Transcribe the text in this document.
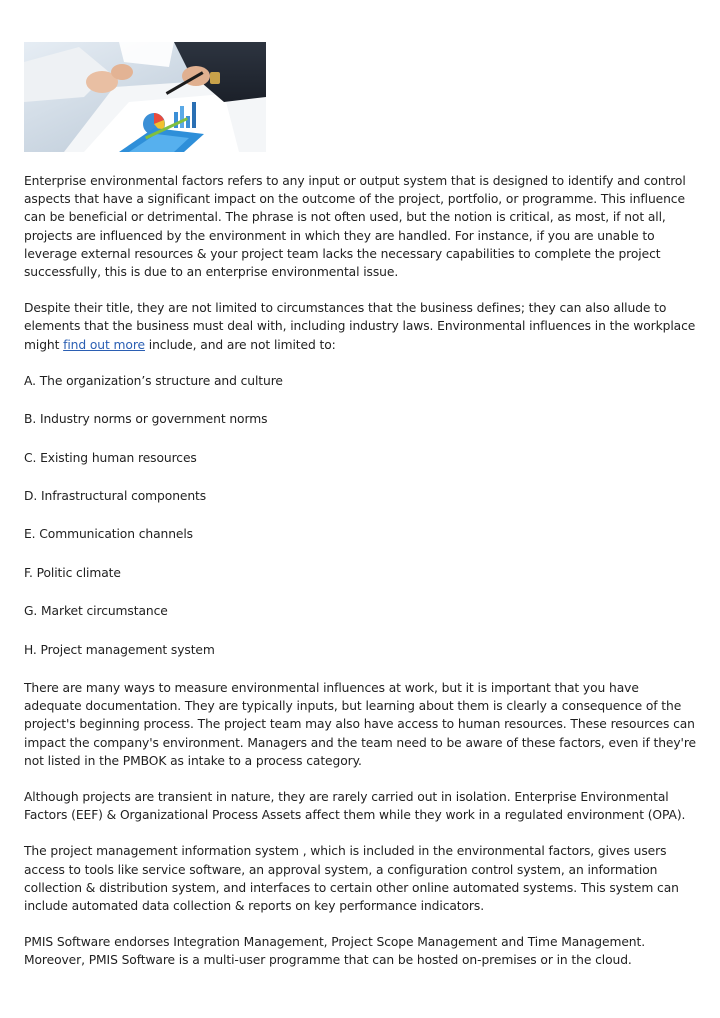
Enterprise environmental factors refers to any input or output system that is designed to identify and control aspects that have a significant impact on the outcome of the project, portfolio, or programme. This influence can be beneficial or detrimental. The phrase is not often used, but the notion is critical, as most, if not all, projects are influenced by the environment in which they are handled. For instance, if you are unable to leverage external resources & your project team lacks the necessary capabilities to complete the project successfully, this is due to an enterprise environmental issue.

Despite their title, they are not limited to circumstances that the business defines; they can also allude to elements that the business must deal with, including industry laws. Environmental influences in the workplace might find out more include, and are not limited to:

A. The organization’s structure and culture

B. Industry norms or government norms

C. Existing human resources

D. Infrastructural components

E. Communication channels

F. Politic climate

G. Market circumstance

H. Project management system

There are many ways to measure environmental influences at work, but it is important that you have adequate documentation. They are typically inputs, but learning about them is clearly a consequence of the project's beginning process. The project team may also have access to human resources. These resources can impact the company's environment. Managers and the team need to be aware of these factors, even if they're not listed in the PMBOK as intake to a process category.

Although projects are transient in nature, they are rarely carried out in isolation. Enterprise Environmental Factors (EEF) & Organizational Process Assets affect them while they work in a regulated environment (OPA).

The project management information system , which is included in the environmental factors, gives users access to tools like service software, an approval system, a configuration control system, an information collection & distribution system, and interfaces to certain other online automated systems. This system can include automated data collection & reports on key performance indicators.

PMIS Software endorses Integration Management, Project Scope Management and Time Management. Moreover, PMIS Software is a multi-user programme that can be hosted on-premises or in the cloud.
